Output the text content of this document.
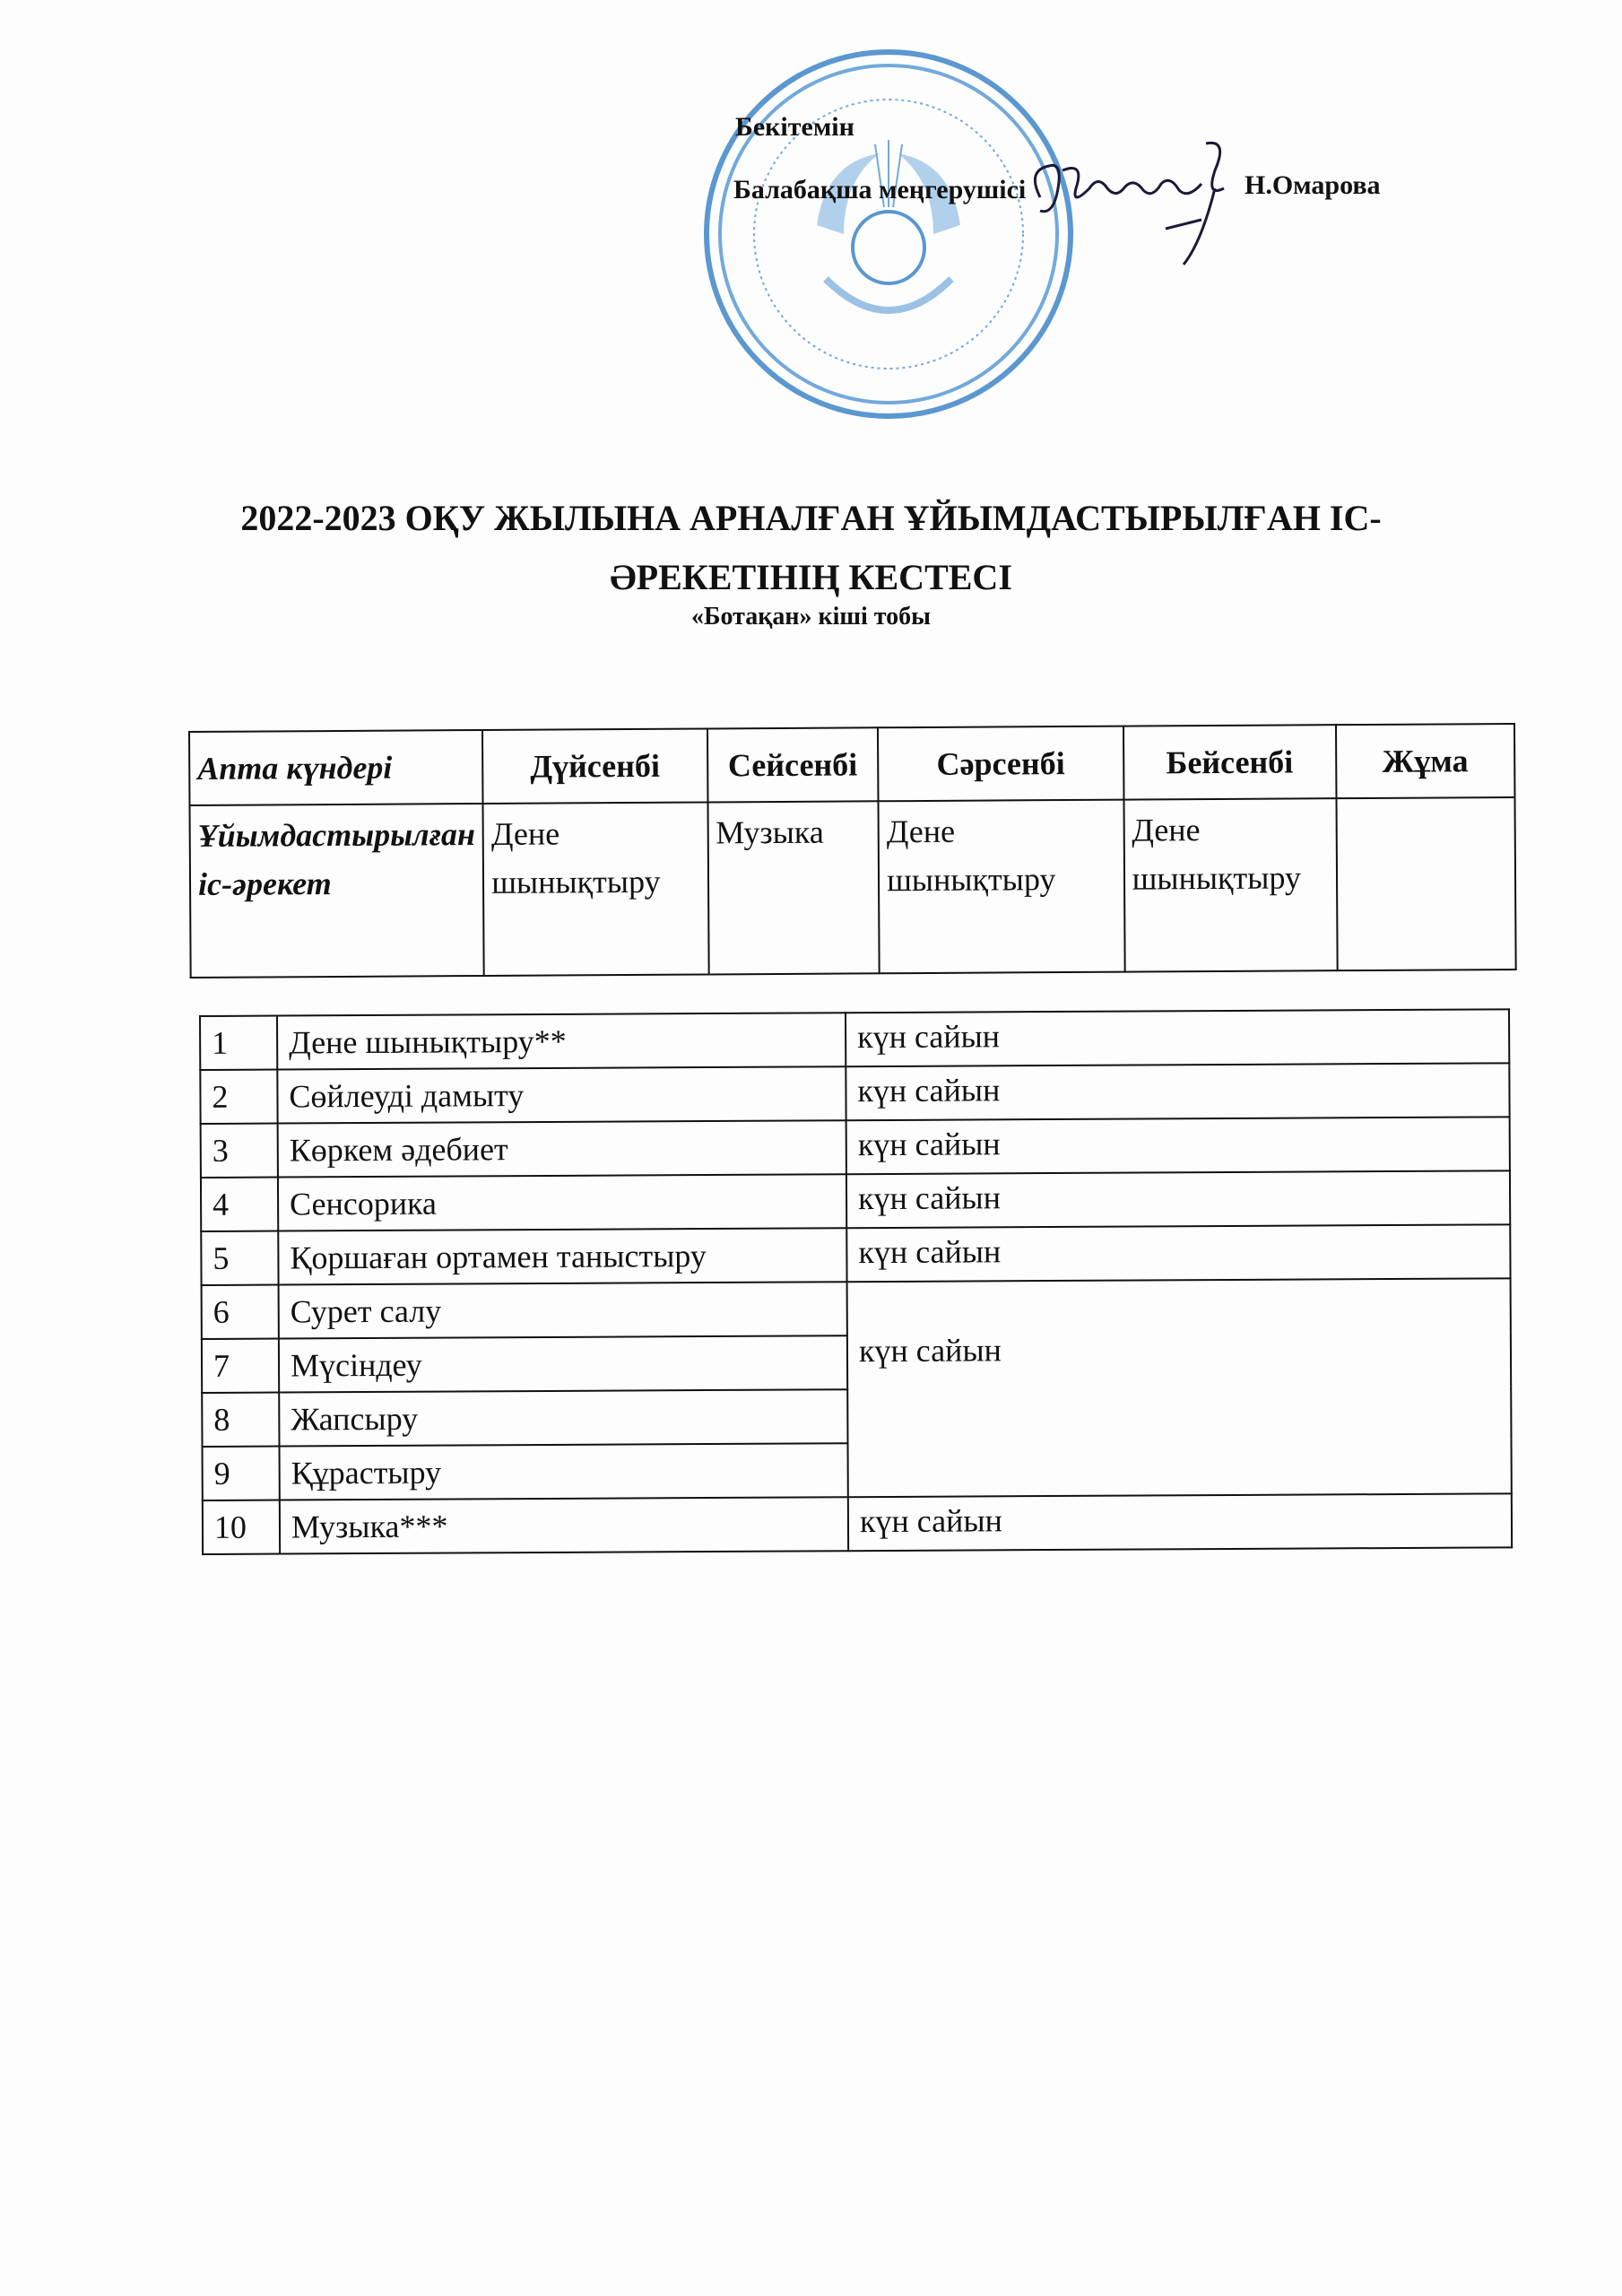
Бекітемін
Балабақша меңгерушісі	Н.Омарова
2022-2023 ОҚУ ЖЫЛЫНА АРНАЛҒАН ҰЙЫМДАСТЫРЫЛҒАН ІС-
ӘРЕКЕТІНІҢ КЕСТЕСІ
«Ботақан» кіші тобы
Апта күндері	Дүйсенбі	Сейсенбі	Сәрсенбі	Бейсенбі	Жұма
Ұйымдастырылған іс-әрекет	Дене шынықтыру	Музыка	Дене шынықтыру	Дене шынықтыру	
1	Дене шынықтыру**	күн сайын
2	Сөйлеуді дамыту	күн сайын
3	Көркем әдебиет	күн сайын
4	Сенсорика	күн сайын
5	Қоршаған ортамен таныстыру	күн сайын
6	Сурет салу	күн сайын
7	Мүсіндеу	
8	Жапсыру	
9	Құрастыру	
10	Музыка***	күн сайын
